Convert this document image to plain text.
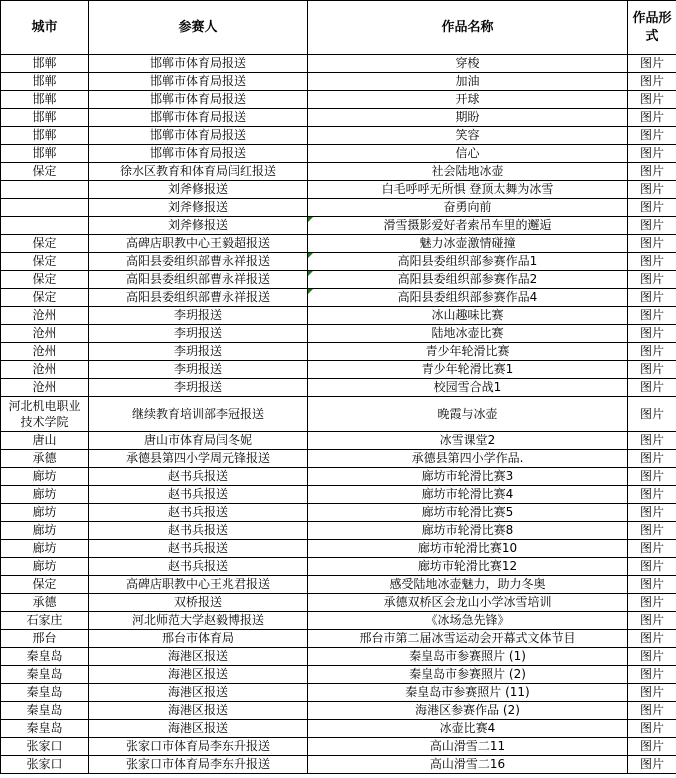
城市	参赛人	作品名称	作品形式
邯郸	邯郸市体育局报送	穿梭	图片
邯郸	邯郸市体育局报送	加油	图片
邯郸	邯郸市体育局报送	开球	图片
邯郸	邯郸市体育局报送	期盼	图片
邯郸	邯郸市体育局报送	笑容	图片
邯郸	邯郸市体育局报送	信心	图片
保定	徐水区教育和体育局闫红报送	社会陆地冰壶	图片
	刘斧修报送	白毛呼呼无所惧 登顶太舞为冰雪	图片
	刘斧修报送	奋勇向前	图片
	刘斧修报送	滑雪摄影爱好者索吊车里的邂逅	图片
保定	高碑店职教中心王毅超报送	魅力冰壶激情碰撞	图片
保定	高阳县委组织部曹永祥报送	高阳县委组织部参赛作品1	图片
保定	高阳县委组织部曹永祥报送	高阳县委组织部参赛作品2	图片
保定	高阳县委组织部曹永祥报送	高阳县委组织部参赛作品4	图片
沧州	李玥报送	冰山趣味比赛	图片
沧州	李玥报送	陆地冰壶比赛	图片
沧州	李玥报送	青少年轮滑比赛	图片
沧州	李玥报送	青少年轮滑比赛1	图片
沧州	李玥报送	校园雪合战1	图片
河北机电职业技术学院	继续教育培训部李冠报送	晚霞与冰壶	图片
唐山	唐山市体育局闫冬妮	冰雪课堂2	图片
承德	承德县第四小学周元锋报送	承德县第四小学作品.	图片
廊坊	赵书兵报送	廊坊市轮滑比赛3	图片
廊坊	赵书兵报送	廊坊市轮滑比赛4	图片
廊坊	赵书兵报送	廊坊市轮滑比赛5	图片
廊坊	赵书兵报送	廊坊市轮滑比赛8	图片
廊坊	赵书兵报送	廊坊市轮滑比赛10	图片
廊坊	赵书兵报送	廊坊市轮滑比赛12	图片
保定	高碑店职教中心王兆君报送	感受陆地冰壶魅力，助力冬奥	图片
承德	双桥报送	承德双桥区会龙山小学冰雪培训	图片
石家庄	河北师范大学赵毅博报送	《冰场急先锋》	图片
邢台	邢台市体育局	邢台市第二届冰雪运动会开幕式文体节目	图片
秦皇岛	海港区报送	秦皇岛市参赛照片 (1)	图片
秦皇岛	海港区报送	秦皇岛市参赛照片 (2)	图片
秦皇岛	海港区报送	秦皇岛市参赛照片 (11)	图片
秦皇岛	海港区报送	海港区参赛作品 (2)	图片
秦皇岛	海港区报送	冰壶比赛4	图片
张家口	张家口市体育局李东升报送	高山滑雪二11	图片
张家口	张家口市体育局李东升报送	高山滑雪二16	图片
